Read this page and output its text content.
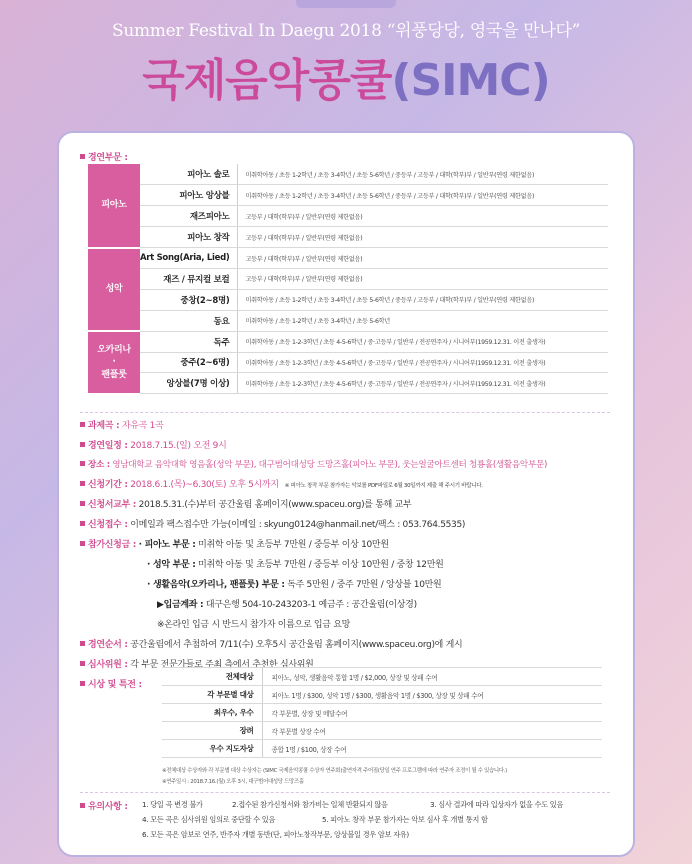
Summer Festival In Daegu 2018 “위풍당당, 영국을 만나다”
국제음악콩쿨(SIMC)
경연부문 :
피아노	피아노 솔로	미취학아동 / 초등 1-2학년 / 초등 3-4학년 / 초등 5-6학년 / 중등부 / 고등부 / 대학(학부)부 / 일반부(연령 제한없음)
	피아노 앙상블	미취학아동 / 초등 1-2학년 / 초등 3-4학년 / 초등 5-6학년 / 중등부 / 고등부 / 대학(학부)부 / 일반부(연령 제한없음)
	재즈피아노	고등부 / 대학(학부)부 / 일반부(연령 제한없음)
	피아노 창작	고등부 / 대학(학부)부 / 일반부(연령 제한없음)
성악	Art Song(Aria, Lied)	고등부 / 대학(학부)부 / 일반부(연령 제한없음)
	재즈 / 뮤지컬 보컬	고등부 / 대학(학부)부 / 일반부(연령 제한없음)
	중창(2~8명)	미취학아동 / 초등 1-2학년 / 초등 3-4학년 / 초등 5-6학년 / 중등부 / 고등부 / 대학(학부)부 / 일반부(연령 제한없음)
	동요	미취학아동 / 초등 1-2학년 / 초등 3-4학년 / 초등 5-6학년
오카리나
·
팬플룻	독주	미취학아동 / 초등 1-2-3학년 / 초등 4-5-6학년 / 중·고등부 / 일반부 / 전공연주자 / 시니어부(1959.12.31. 이전 출생자)
	중주(2~6명)	미취학아동 / 초등 1-2-3학년 / 초등 4-5-6학년 / 중·고등부 / 일반부 / 전공연주자 / 시니어부(1959.12.31. 이전 출생자)
	앙상블(7명 이상)	미취학아동 / 초등 1-2-3학년 / 초등 4-5-6학년 / 중·고등부 / 일반부 / 전공연주자 / 시니어부(1959.12.31. 이전 출생자)
과제곡 : 자유곡 1곡
경연일정 : 2018.7.15.(일) 오전 9시
장소 : 영남대학교 음악대학 영음홀(성악 부문), 대구범어대성당 드망즈홀(피아노 부문), 웃는얼굴아트센터 청룡홀(생활음악부문)
신청기간 : 2018.6.1.(목)~6.30(토) 오후 5시까지 ※ 피아노 창작 부문 참가자는 악보를 PDF파일로 6월 30일까지 제출 해 주시기 바랍니다.
신청서교부 : 2018.5.31.(수)부터 공간울림 홈페이지(www.spaceu.org)를 통해 교부
신청접수 : 이메일과 팩스접수만 가능(이메일 : skyung0124@hanmail.net/팩스 : 053.764.5535)
참가신청금 : · 피아노 부문 : 미취학 아동 및 초등부 7만원 / 중등부 이상 10만원
· 성악 부문 : 미취학 아동 및 초등부 7만원 / 중등부 이상 10만원 / 중창 12만원
· 생활음악(오카리나, 팬플룻) 부문 : 독주 5만원 / 중주 7만원 / 앙상블 10만원
▶입금계좌 : 대구은행 504-10-243203-1 예금주 : 공간울림(이상경)
※온라인 입금 시 반드시 참가자 이름으로 입금 요망
경연순서 : 공간울림에서 추첨하여 7/11(수) 오후5시 공간울림 홈페이지(www.spaceu.org)에 게시
심사위원 : 각 부문 전문가들로 주최 측에서 추천한 심사위원
시상 및 특전 :
전체대상	피아노, 성악, 생활음악 통합 1명 / $2,000, 상장 및 상패 수여
각 부문별 대상	피아노 1명 / $300, 성악 1명 / $300, 생활음악 1명 / $300, 상장 및 상패 수여
최우수, 우수	각 부문별, 상장 및 메달수여
장려	각 부문별 상장 수여
우수 지도자상	종합 1명 / $100, 상장 수여
※전체대상 수상자와 각 부문별 대상 수상자는 (SIMC 국제음악콩쿨 수상자 연주회)출연자격 주어짐(당일 연주 프로그램에 따라 연주자 조정이 될 수 있습니다.)
※연주일시 : 2018.7.16.(월) 오후 3시, 대구범어대성당 드망즈홀
유의사항 : 1. 당일 곡 변경 불가	2.접수된 참가신청서와 참가비는 일체 반환되지 않음	3. 심사 결과에 따라 입상자가 없을 수도 있음
4. 모든 곡은 심사위원 임의로 중단할 수 있음	5. 피아노 창작 부문 참가자는 악보 심사 후 개별 통지 함
6. 모든 곡은 암보로 연주, 반주자 개별 동반(단, 피아노창작부문, 앙상블일 경우 암보 자유)
